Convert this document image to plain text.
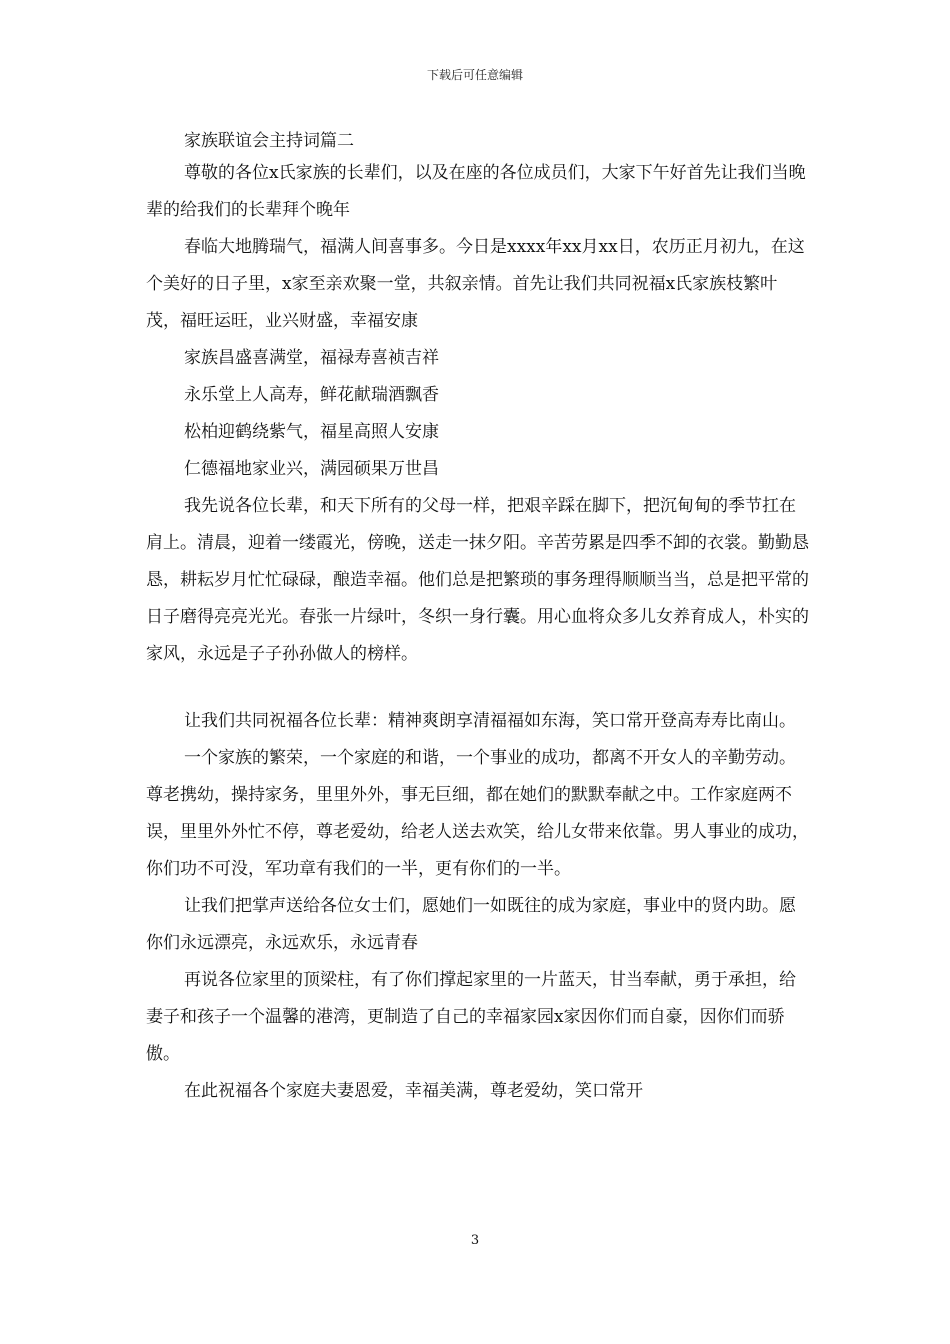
下载后可任意编辑
家族联谊会主持词篇二

尊敬的各位x氏家族的长辈们，以及在座的各位成员们，大家下午好首先让我们当晚辈的给我们的长辈拜个晚年

春临大地腾瑞气，福满人间喜事多。今日是xxxx年xx月xx日，农历正月初九，在这个美好的日子里，x家至亲欢聚一堂，共叙亲情。首先让我们共同祝福x氏家族枝繁叶茂，福旺运旺，业兴财盛，幸福安康

家族昌盛喜满堂，福禄寿喜祯吉祥

永乐堂上人高寿，鲜花献瑞酒飘香

松柏迎鹤绕紫气，福星高照人安康

仁德福地家业兴，满园硕果万世昌

我先说各位长辈，和天下所有的父母一样，把艰辛踩在脚下，把沉甸甸的季节扛在肩上。清晨，迎着一缕霞光，傍晚，送走一抹夕阳。辛苦劳累是四季不卸的衣裳。勤勤恳恳，耕耘岁月忙忙碌碌，酿造幸福。他们总是把繁琐的事务理得顺顺当当，总是把平常的日子磨得亮亮光光。春张一片绿叶，冬织一身行囊。用心血将众多儿女养育成人，朴实的家风，永远是子子孙孙做人的榜样。

让我们共同祝福各位长辈：精神爽朗享清福福如东海，笑口常开登高寿寿比南山。

一个家族的繁荣，一个家庭的和谐，一个事业的成功，都离不开女人的辛勤劳动。尊老携幼，操持家务，里里外外，事无巨细，都在她们的默默奉献之中。工作家庭两不误，里里外外忙不停，尊老爱幼，给老人送去欢笑，给儿女带来依靠。男人事业的成功，你们功不可没，军功章有我们的一半，更有你们的一半。

让我们把掌声送给各位女士们，愿她们一如既往的成为家庭，事业中的贤内助。愿你们永远漂亮，永远欢乐，永远青春

再说各位家里的顶梁柱，有了你们撑起家里的一片蓝天，甘当奉献，勇于承担，给妻子和孩子一个温馨的港湾，更制造了自己的幸福家园x家因你们而自豪，因你们而骄傲。

在此祝福各个家庭夫妻恩爱，幸福美满，尊老爱幼，笑口常开

3
